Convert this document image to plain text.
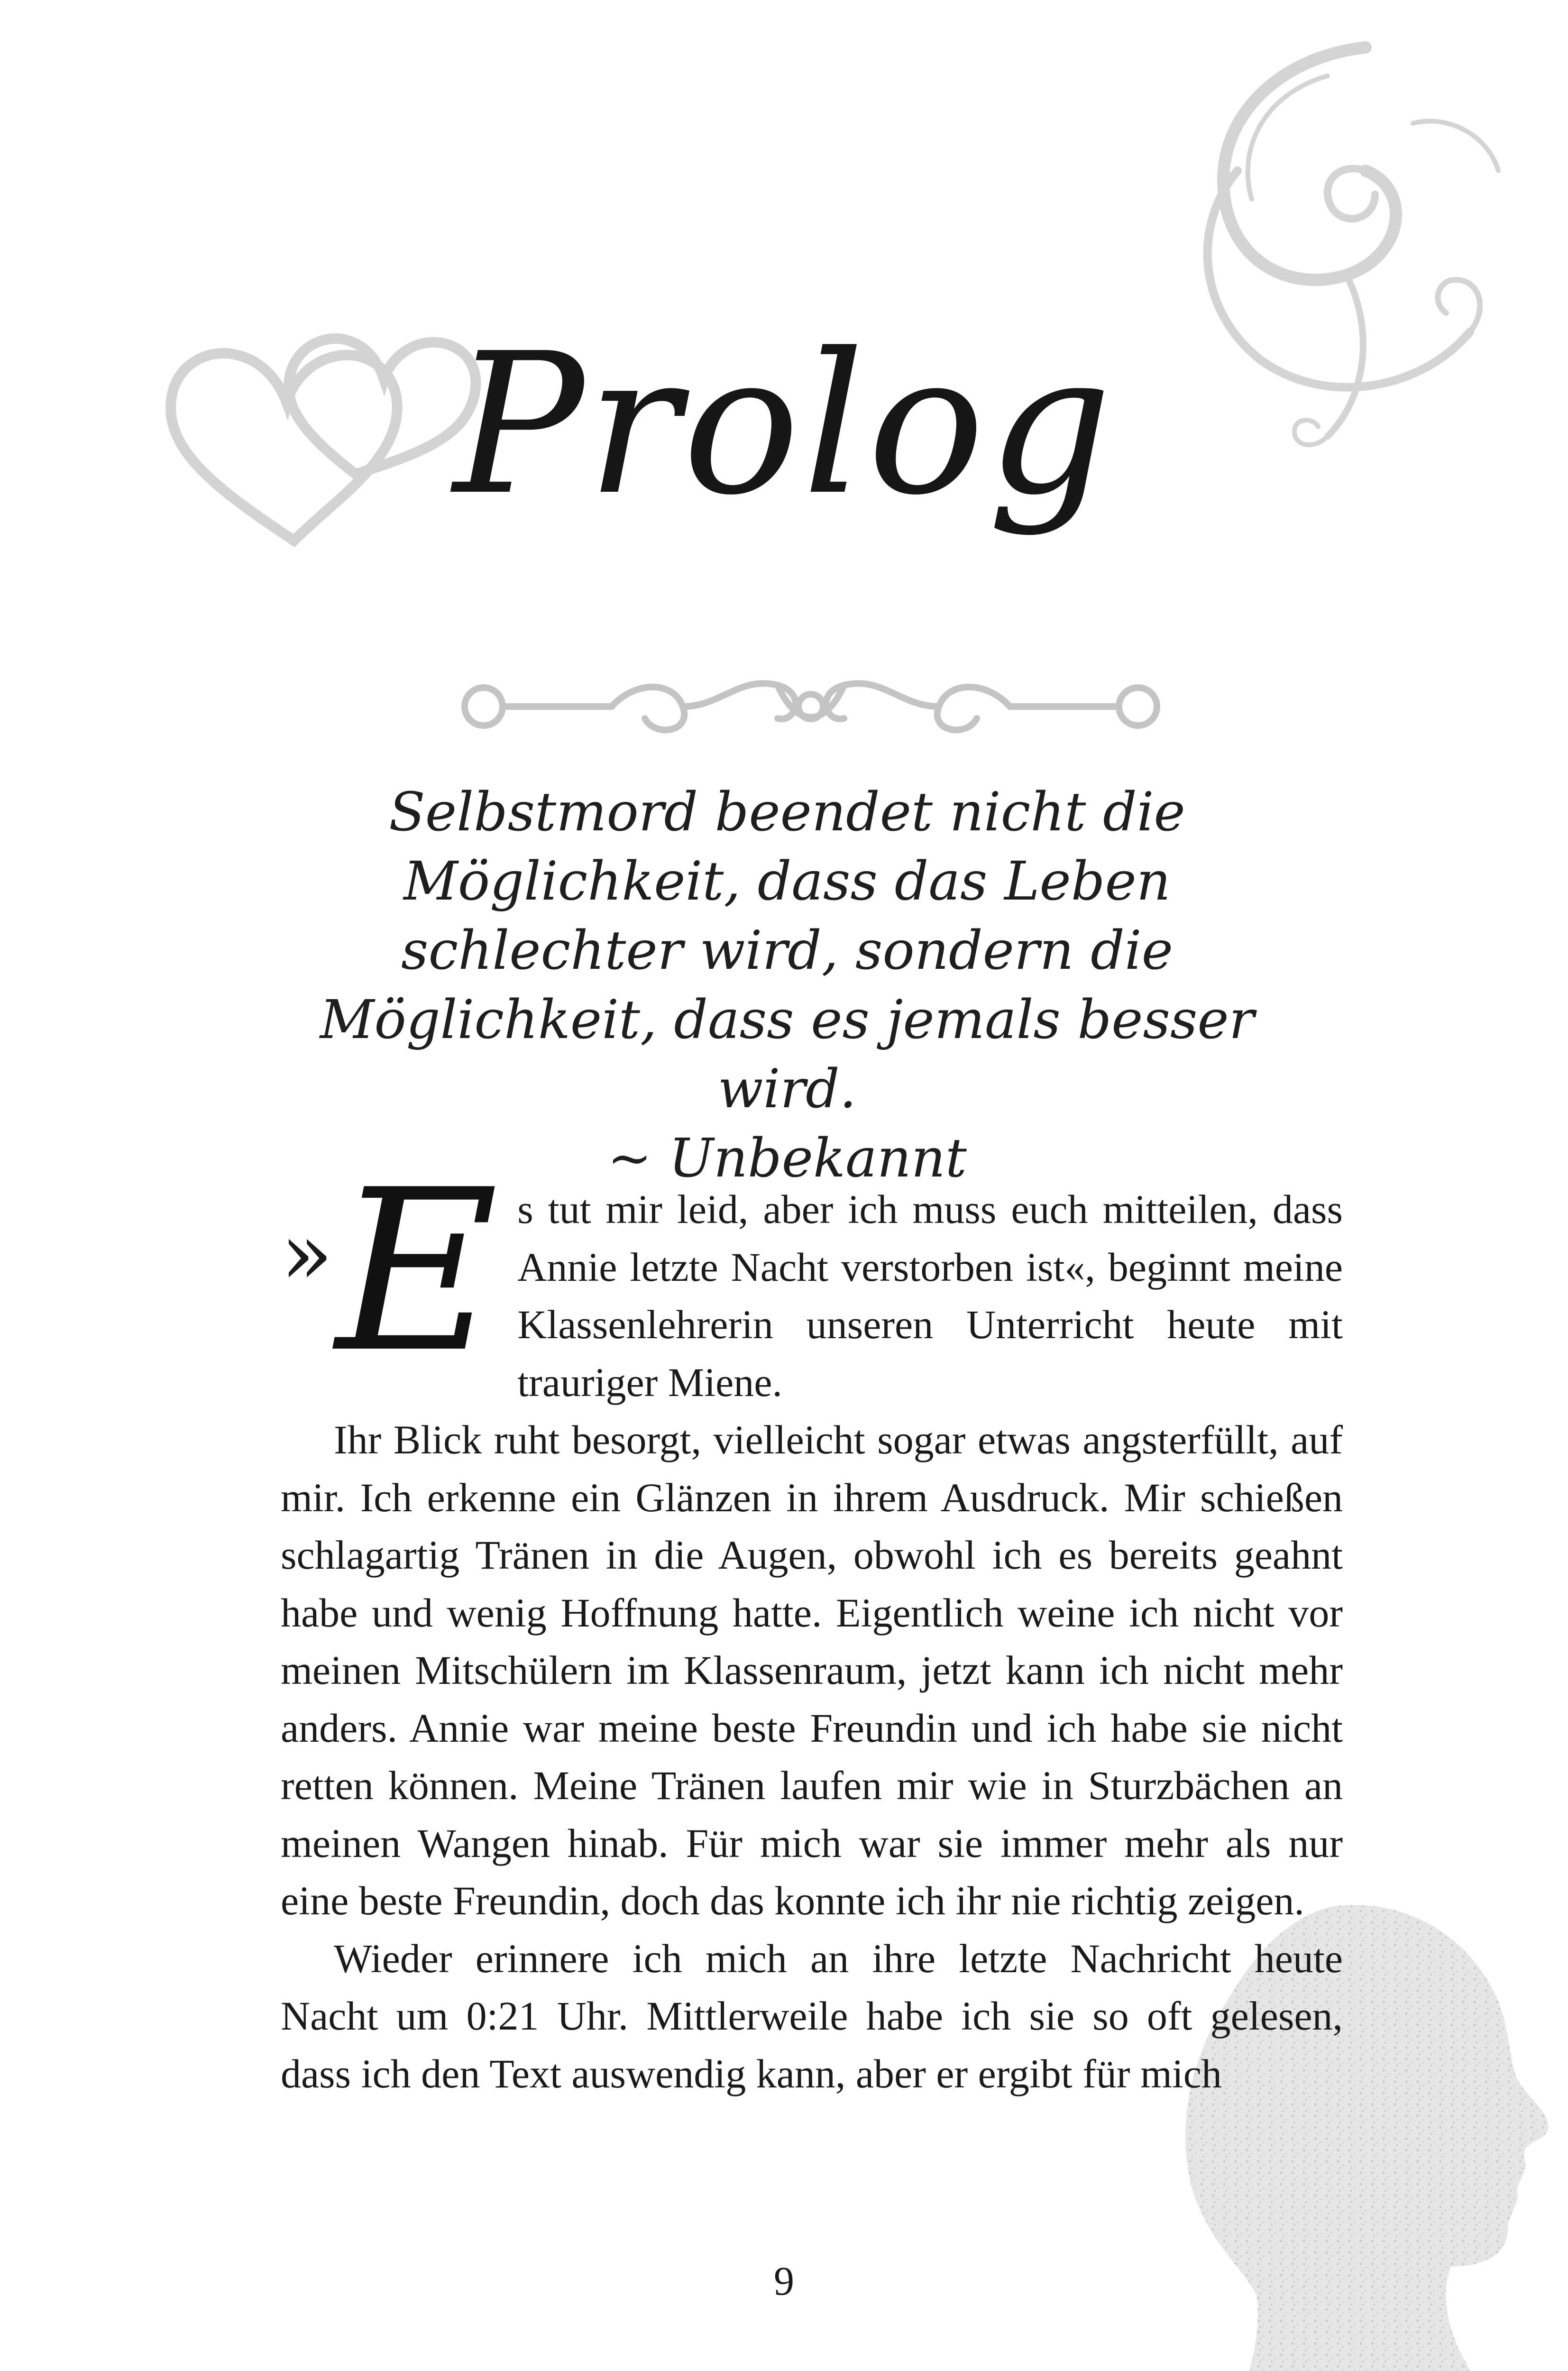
Prolog
Selbstmord beendet nicht die Möglichkeit, dass das Leben schlechter wird, sondern die Möglichkeit, dass es jemals besser wird.
~ Unbekannt

» E s tut mir leid, aber ich muss euch mitteilen, dass Annie letzte Nacht verstorben ist«, beginnt meine Klassenlehrerin unseren Unterricht heute mit trauriger Miene.

Ihr Blick ruht besorgt, vielleicht sogar etwas angsterfüllt, auf mir. Ich erkenne ein Glänzen in ihrem Ausdruck. Mir schießen schlagartig Tränen in die Augen, obwohl ich es bereits geahnt habe und wenig Hoffnung hatte. Eigentlich weine ich nicht vor meinen Mitschülern im Klassenraum, jetzt kann ich nicht mehr anders. Annie war meine beste Freundin und ich habe sie nicht retten können. Meine Tränen laufen mir wie in Sturzbächen an meinen Wangen hinab. Für mich war sie immer mehr als nur eine beste Freundin, doch das konnte ich ihr nie richtig zeigen.

Wieder erinnere ich mich an ihre letzte Nachricht heute Nacht um 0:21 Uhr. Mittlerweile habe ich sie so oft gelesen, dass ich den Text auswendig kann, aber er ergibt für mich

9
